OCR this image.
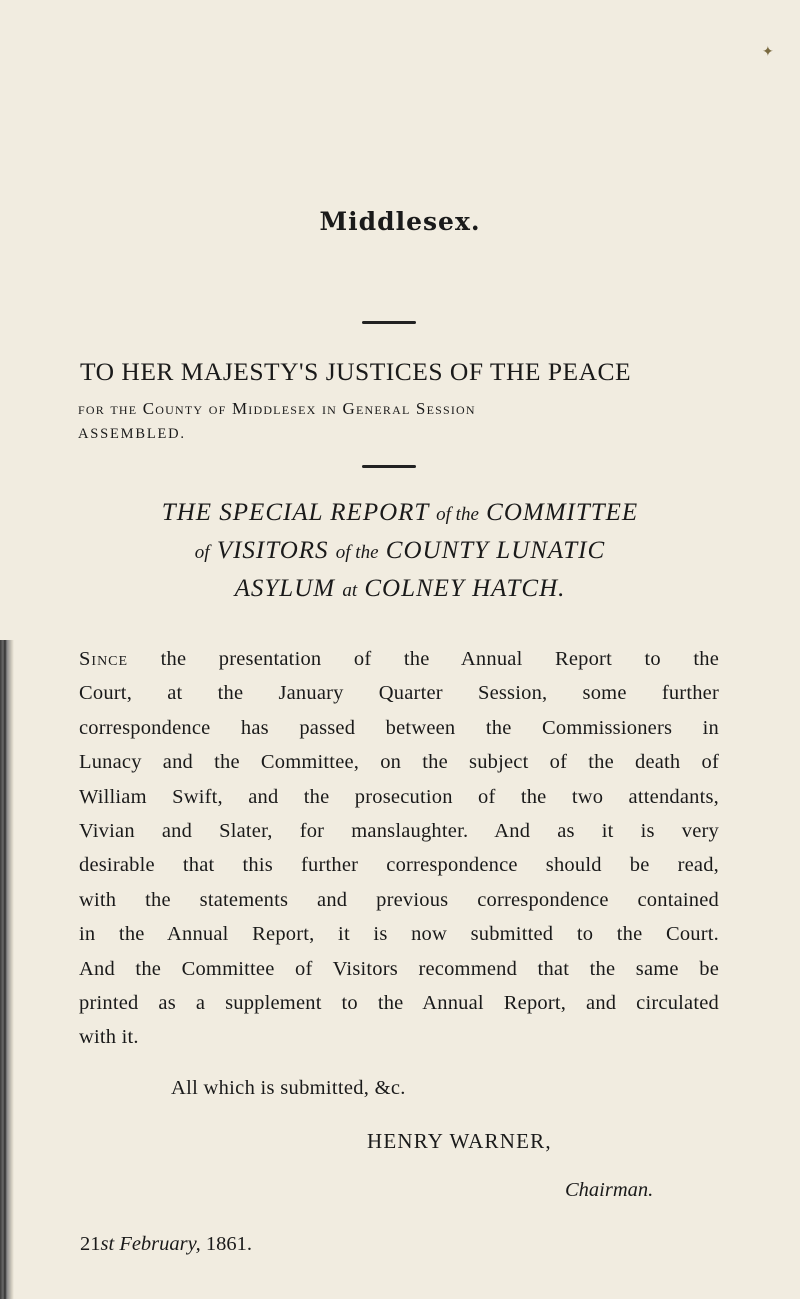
✦
Middlesex.
TO HER MAJESTY'S JUSTICES OF THE PEACE
for the County of Middlesex in General Session
ASSEMBLED.
THE SPECIAL REPORT of the COMMITTEE
of VISITORS of the COUNTY LUNATIC
ASYLUM at COLNEY HATCH.
Since the presentation of the Annual Report to the
Court, at the January Quarter Session, some further
correspondence has passed between the Commissioners in
Lunacy and the Committee, on the subject of the death of
William Swift, and the prosecution of the two attendants,
Vivian and Slater, for manslaughter. And as it is very
desirable that this further correspondence should be read,
with the statements and previous correspondence contained
in the Annual Report, it is now submitted to the Court.
And the Committee of Visitors recommend that the same be
printed as a supplement to the Annual Report, and circulated
with it.
All which is submitted, &c.
HENRY WARNER,
Chairman.
21st February, 1861.
